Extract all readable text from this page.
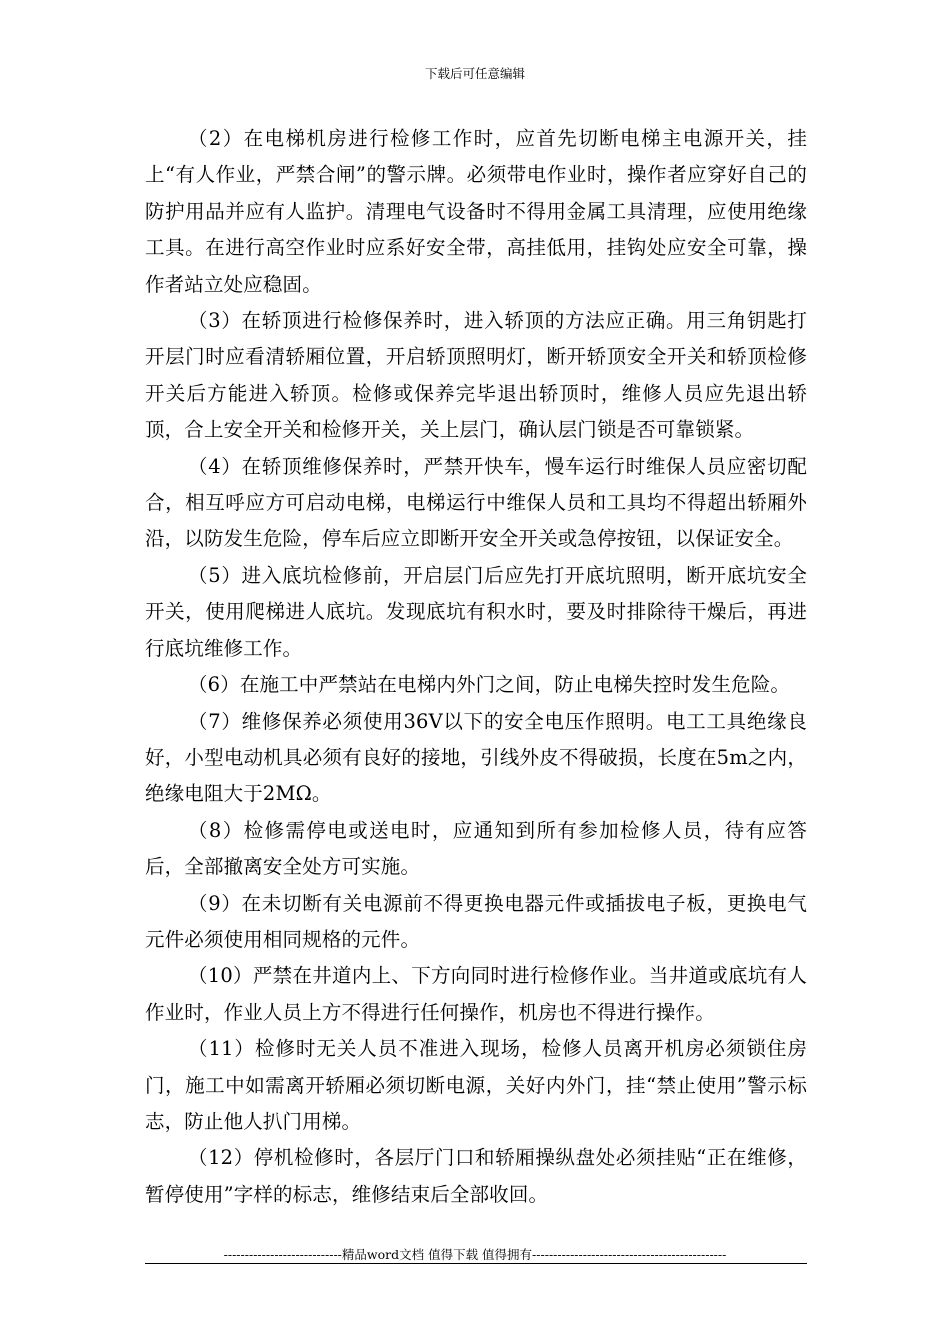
下载后可任意编辑

（2）在电梯机房进行检修工作时，应首先切断电梯主电源开关，挂上“有人作业，严禁合闸”的警示牌。必须带电作业时，操作者应穿好自己的防护用品并应有人监护。清理电气设备时不得用金属工具清理，应使用绝缘工具。在进行高空作业时应系好安全带，高挂低用，挂钩处应安全可靠，操作者站立处应稳固。

（3）在轿顶进行检修保养时，进入轿顶的方法应正确。用三角钥匙打开层门时应看清轿厢位置，开启轿顶照明灯，断开轿顶安全开关和轿顶检修开关后方能进入轿顶。检修或保养完毕退出轿顶时，维修人员应先退出轿顶，合上安全开关和检修开关，关上层门，确认层门锁是否可靠锁紧。

（4）在轿顶维修保养时，严禁开快车，慢车运行时维保人员应密切配合，相互呼应方可启动电梯，电梯运行中维保人员和工具均不得超出轿厢外沿，以防发生危险，停车后应立即断开安全开关或急停按钮，以保证安全。

（5）进入底坑检修前，开启层门后应先打开底坑照明，断开底坑安全开关，使用爬梯进人底坑。发现底坑有积水时，要及时排除待干燥后，再进行底坑维修工作。

（6）在施工中严禁站在电梯内外门之间，防止电梯失控时发生危险。

（7）维修保养必须使用36V以下的安全电压作照明。电工工具绝缘良好，小型电动机具必须有良好的接地，引线外皮不得破损，长度在5m之内，绝缘电阻大于2MΩ。

（8）检修需停电或送电时，应通知到所有参加检修人员，待有应答后，全部撤离安全处方可实施。

（9）在未切断有关电源前不得更换电器元件或插拔电子板，更换电气元件必须使用相同规格的元件。

（10）严禁在井道内上、下方向同时进行检修作业。当井道或底坑有人作业时，作业人员上方不得进行任何操作，机房也不得进行操作。

（11）检修时无关人员不准进入现场，检修人员离开机房必须锁住房门，施工中如需离开轿厢必须切断电源，关好内外门，挂“禁止使用”警示标志，防止他人扒门用梯。

（12）停机检修时，各层厅门口和轿厢操纵盘处必须挂贴“正在维修，暂停使用”字样的标志，维修结束后全部收回。

----------------------------精品word文档 值得下载 值得拥有----------------------------------------------
